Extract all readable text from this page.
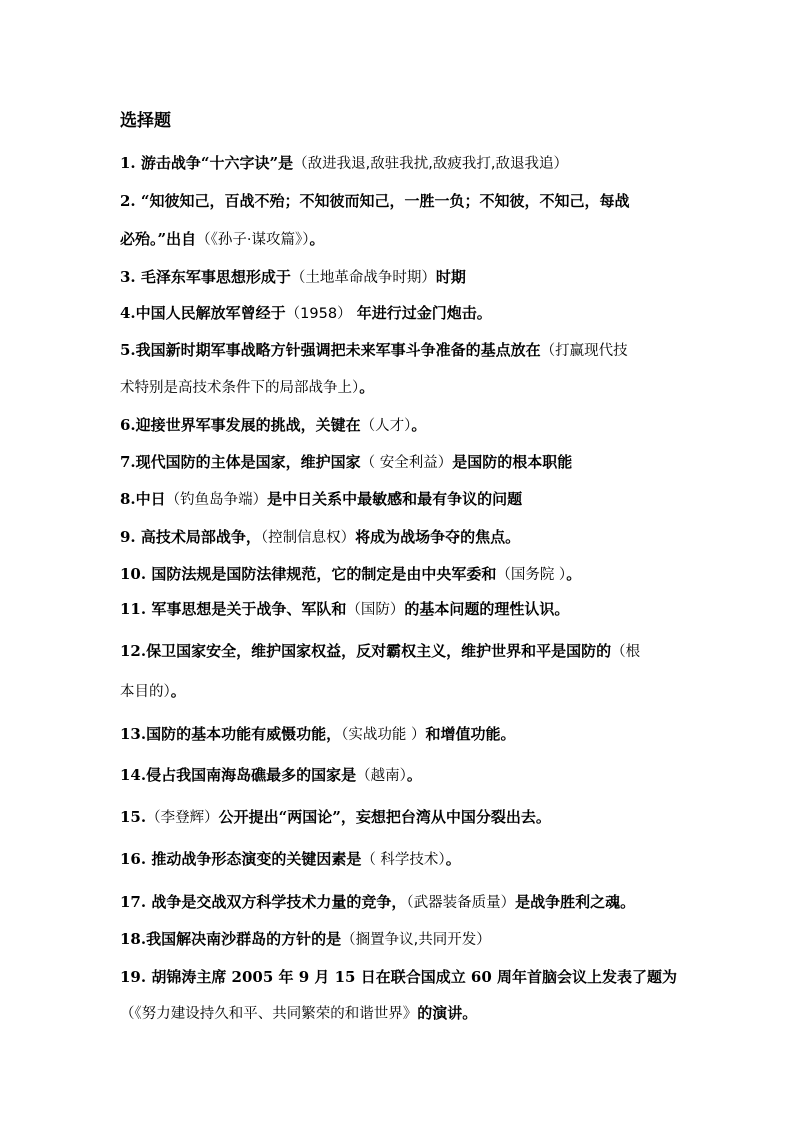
选择题
1. 游击战争“十六字诀”是（敌进我退,敌驻我扰,敌疲我打,敌退我追）
2. “知彼知己，百战不殆；不知彼而知己，一胜一负；不知彼，不知己，每战
必殆。”出自（《孙子·谋攻篇》）。
3. 毛泽东军事思想形成于（土地革命战争时期）时期
4.中国人民解放军曾经于（1958） 年进行过金门炮击。
5.我国新时期军事战略方针强调把未来军事斗争准备的基点放在（打赢现代技
术特别是高技术条件下的局部战争上）。
6.迎接世界军事发展的挑战，关键在（人才）。
7.现代国防的主体是国家，维护国家（ 安全利益）是国防的根本职能
8.中日（钓鱼岛争端）是中日关系中最敏感和最有争议的问题
9. 高技术局部战争，（控制信息权）将成为战场争夺的焦点。
10. 国防法规是国防法律规范，它的制定是由中央军委和（国务院 ）。
11. 军事思想是关于战争、军队和（国防）的基本问题的理性认识。
12.保卫国家安全，维护国家权益，反对霸权主义，维护世界和平是国防的（根
本目的）。
13.国防的基本功能有威慑功能，（实战功能 ）和增值功能。
14.侵占我国南海岛礁最多的国家是（越南）。
15.（李登辉）公开提出“两国论”，妄想把台湾从中国分裂出去。
16. 推动战争形态演变的关键因素是（ 科学技术）。
17. 战争是交战双方科学技术力量的竞争，（武器装备质量）是战争胜利之魂。
18.我国解决南沙群岛的方针的是（搁置争议,共同开发）
19. 胡锦涛主席 2005 年 9 月 15 日在联合国成立 60 周年首脑会议上发表了题为
（《努力建设持久和平、共同繁荣的和谐世界》的演讲。
